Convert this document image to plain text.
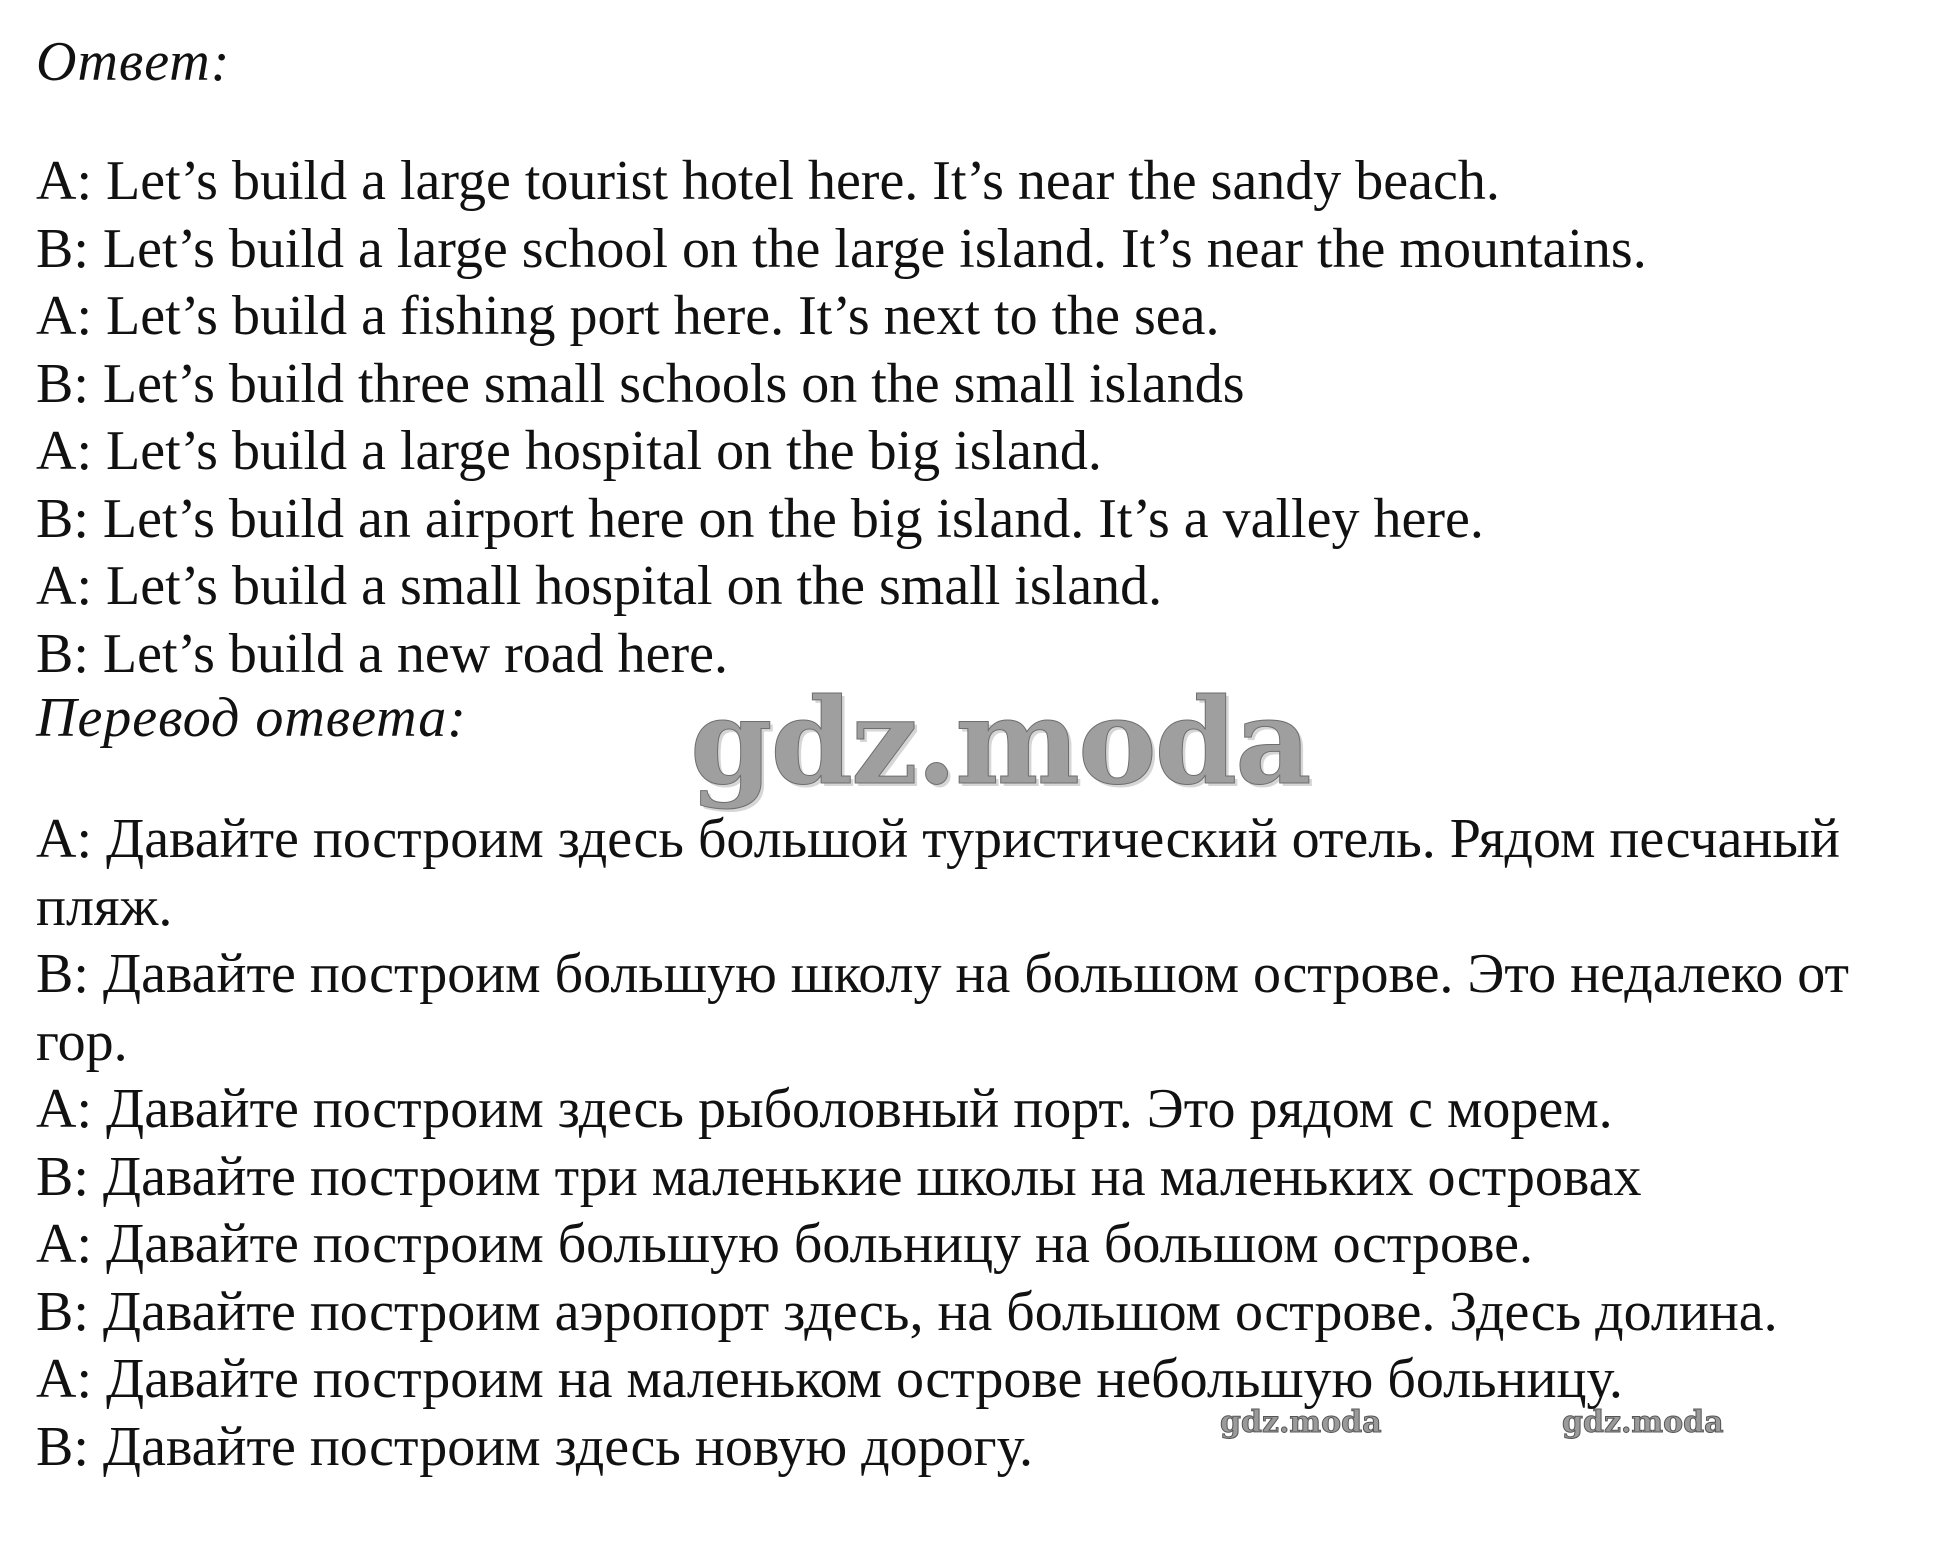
Ответ:
A: Let’s build a large tourist hotel here. It’s near the sandy beach.
B: Let’s build a large school on the large island. It’s near the mountains.
A: Let’s build a fishing port here. It’s next to the sea.
B: Let’s build three small schools on the small islands
A: Let’s build a large hospital on the big island.
B: Let’s build an airport here on the big island. It’s a valley here.
A: Let’s build a small hospital on the small island.
B: Let’s build a new road here.
Перевод ответа: gdz.moda
A: Давайте построим здесь большой туристический отель. Рядом песчаный пляж.
B: Давайте построим большую школу на большом острове. Это недалеко от гор.
A: Давайте построим здесь рыболовный порт. Это рядом с морем.
B: Давайте построим три маленькие школы на маленьких островах
A: Давайте построим большую больницу на большом острове.
B: Давайте построим аэропорт здесь, на большом острове. Здесь долина.
A: Давайте построим на маленьком острове небольшую больницу.
B: Давайте построим здесь новую дорогу.	gdz.moda	gdz.moda
